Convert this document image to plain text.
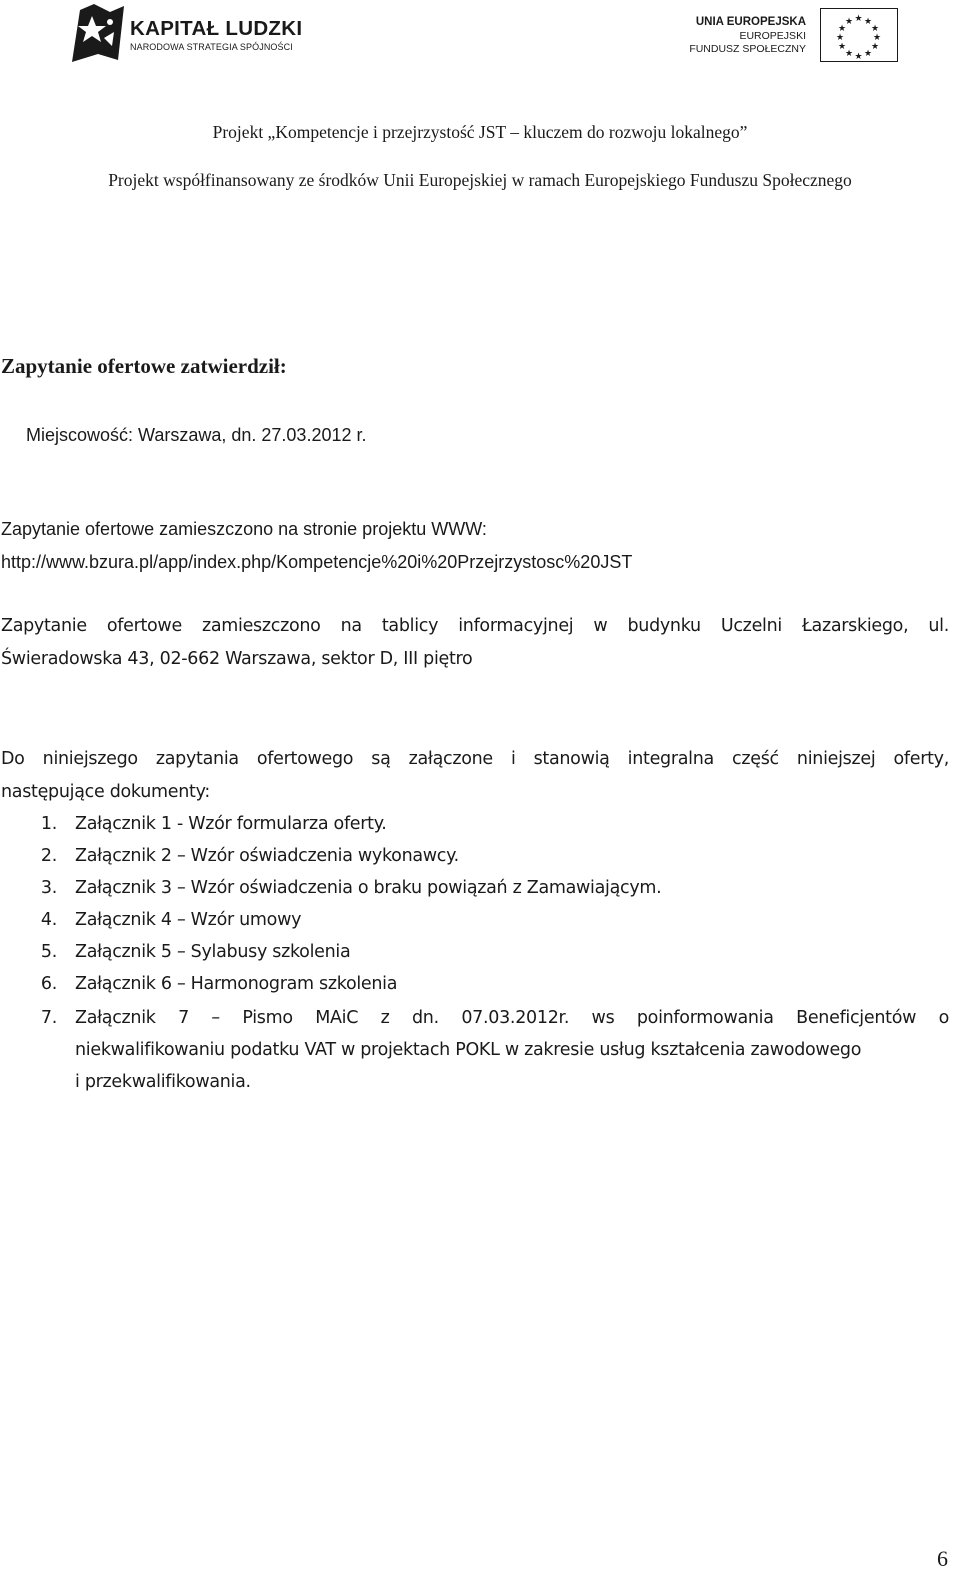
KAPITAŁ LUDZKI
NARODOWA STRATEGIA SPÓJNOŚCI
UNIA EUROPEJSKA
EUROPEJSKI
FUNDUSZ SPOŁECZNY
★ ★
★
★
★
★
★
★
★
★
★
★
Projekt „Kompetencje i przejrzystość JST – kluczem do rozwoju lokalnego”
Projekt współfinansowany ze środków Unii Europejskiej w ramach Europejskiego Funduszu Społecznego
Zapytanie ofertowe zatwierdził:
Miejscowość: Warszawa, dn. 27.03.2012 r.
Zapytanie ofertowe zamieszczono na stronie projektu WWW:
http://www.bzura.pl/app/index.php/Kompetencje%20i%20Przejrzystosc%20JST
Zapytanie ofertowe zamieszczono na tablicy informacyjnej w budynku Uczelni Łazarskiego, ul.
Świeradowska 43, 02-662 Warszawa, sektor D, III piętro
Do niniejszego zapytania ofertowego są załączone i stanowią integralna część niniejszej oferty,
następujące dokumenty:
1. Załącznik 1 - Wzór formularza oferty.
2. Załącznik 2 – Wzór oświadczenia wykonawcy.
3. Załącznik 3 – Wzór oświadczenia o braku powiązań z Zamawiającym.
4. Załącznik 4 – Wzór umowy
5. Załącznik 5 – Sylabusy szkolenia
6. Załącznik 6 – Harmonogram szkolenia
7. Załącznik 7 – Pismo MAiC z dn. 07.03.2012r. ws poinformowania Beneficjentów o
niekwalifikowaniu podatku VAT w projektach POKL w zakresie usług kształcenia zawodowego
i przekwalifikowania.
6
